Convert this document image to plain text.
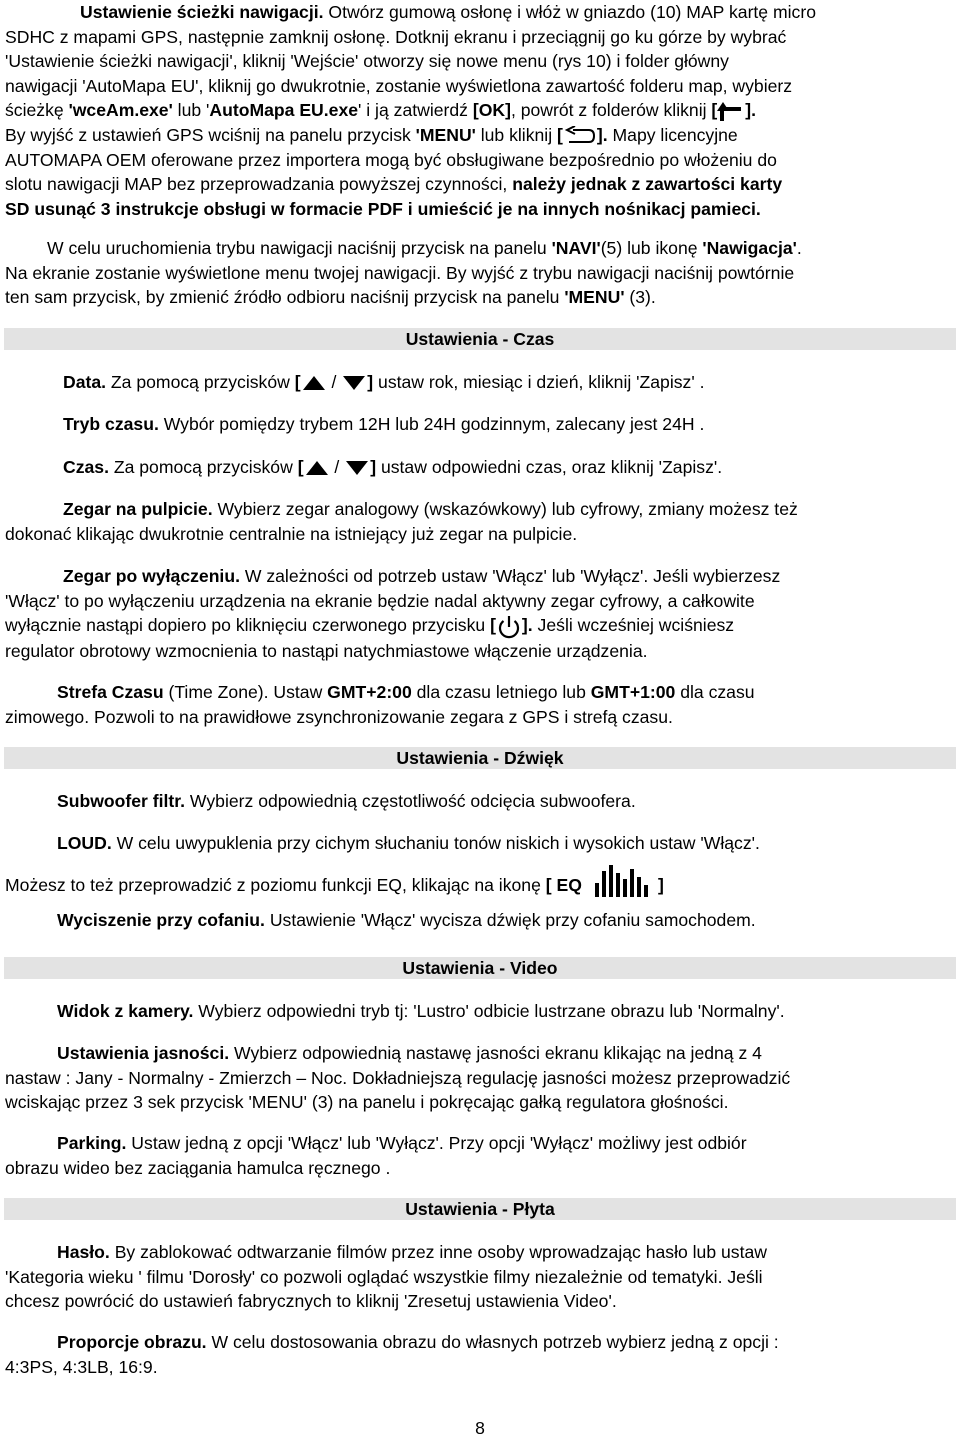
Ustawienie ścieżki nawigacji. Otwórz gumową osłonę i włóż w gniazdo (10) MAP kartę micro
SDHC z mapami GPS, następnie zamknij osłonę. Dotknij ekranu i przeciągnij go ku górze by wybrać
'Ustawienie ścieżki nawigacji', kliknij 'Wejście' otworzy się nowe menu (rys 10) i folder główny
nawigacji 'AutoMapa EU', kliknij go dwukrotnie, zostanie wyświetlona zawartość folderu map, wybierz
ścieżkę 'wceAm.exe' lub 'AutoMapa EU.exe' i ją zatwierdź [OK], powrót z folderów kliknij [ ].
By wyjść z ustawień GPS wciśnij na panelu przycisk 'MENU' lub kliknij [ ]. Mapy licencyjne
AUTOMAPA OEM oferowane przez importera mogą być obsługiwane bezpośrednio po włożeniu do
slotu nawigacji MAP bez przeprowadzania powyższej czynności, należy jednak z zawartości karty
SD usunąć 3 instrukcje obsługi w formacie PDF i umieścić je na innych nośnikacj pamieci.
W celu uruchomienia trybu nawigacji naciśnij przycisk na panelu 'NAVI'(5) lub ikonę 'Nawigacja'.
Na ekranie zostanie wyświetlone menu twojej nawigacji. By wyjść z trybu nawigacji naciśnij powtórnie
ten sam przycisk, by zmienić źródło odbioru naciśnij przycisk na panelu 'MENU' (3).
Ustawienia - Czas
Data. Za pomocą przycisków [ / ] ustaw rok, miesiąc i dzień, kliknij 'Zapisz' .
Tryb czasu. Wybór pomiędzy trybem 12H lub 24H godzinnym, zalecany jest 24H .
Czas. Za pomocą przycisków [ / ] ustaw odpowiedni czas, oraz kliknij 'Zapisz'.
Zegar na pulpicie. Wybierz zegar analogowy (wskazówkowy) lub cyfrowy, zmiany możesz też
dokonać klikając dwukrotnie centralnie na istniejący już zegar na pulpicie.
Zegar po wyłączeniu. W zależności od potrzeb ustaw 'Włącz' lub 'Wyłącz'. Jeśli wybierzesz
'Włącz' to po wyłączeniu urządzenia na ekranie będzie nadal aktywny zegar cyfrowy, a całkowite
wyłącznie nastąpi dopiero po kliknięciu czerwonego przycisku [ ]. Jeśli wcześniej wciśniesz
regulator obrotowy wzmocnienia to nastąpi natychmiastowe włączenie urządzenia.
Strefa Czasu (Time Zone). Ustaw GMT+2:00 dla czasu letniego lub GMT+1:00 dla czasu
zimowego. Pozwoli to na prawidłowe zsynchronizowanie zegara z GPS i strefą czasu.
Ustawienia - Dźwięk
Subwoofer filtr. Wybierz odpowiednią częstotliwość odcięcia subwoofera.
LOUD. W celu uwypuklenia przy cichym słuchaniu tonów niskich i wysokich ustaw 'Włącz'.
Możesz to też przeprowadzić z poziomu funkcji EQ, klikając na ikonę [ EQ	]
Wyciszenie przy cofaniu. Ustawienie 'Włącz' wycisza dźwięk przy cofaniu samochodem.
Ustawienia - Video
Widok z kamery. Wybierz odpowiedni tryb tj: 'Lustro' odbicie lustrzane obrazu lub 'Normalny'.
Ustawienia jasności. Wybierz odpowiednią nastawę jasności ekranu klikając na jedną z 4
nastaw : Jany - Normalny - Zmierzch – Noc. Dokładniejszą regulację jasności możesz przeprowadzić
wciskając przez 3 sek przycisk 'MENU' (3) na panelu i pokręcając gałką regulatora głośności.
Parking. Ustaw jedną z opcji 'Włącz' lub 'Wyłącz'. Przy opcji 'Wyłącz' możliwy jest odbiór
obrazu wideo bez zaciągania hamulca ręcznego .
Ustawienia - Płyta
Hasło. By zablokować odtwarzanie filmów przez inne osoby wprowadzając hasło lub ustaw
'Kategoria wieku ' filmu 'Dorosły' co pozwoli oglądać wszystkie filmy niezależnie od tematyki. Jeśli
chcesz powrócić do ustawień fabrycznych to kliknij 'Zresetuj ustawienia Video'.
Proporcje obrazu. W celu dostosowania obrazu do własnych potrzeb wybierz jedną z opcji :
4:3PS, 4:3LB, 16:9.
8
